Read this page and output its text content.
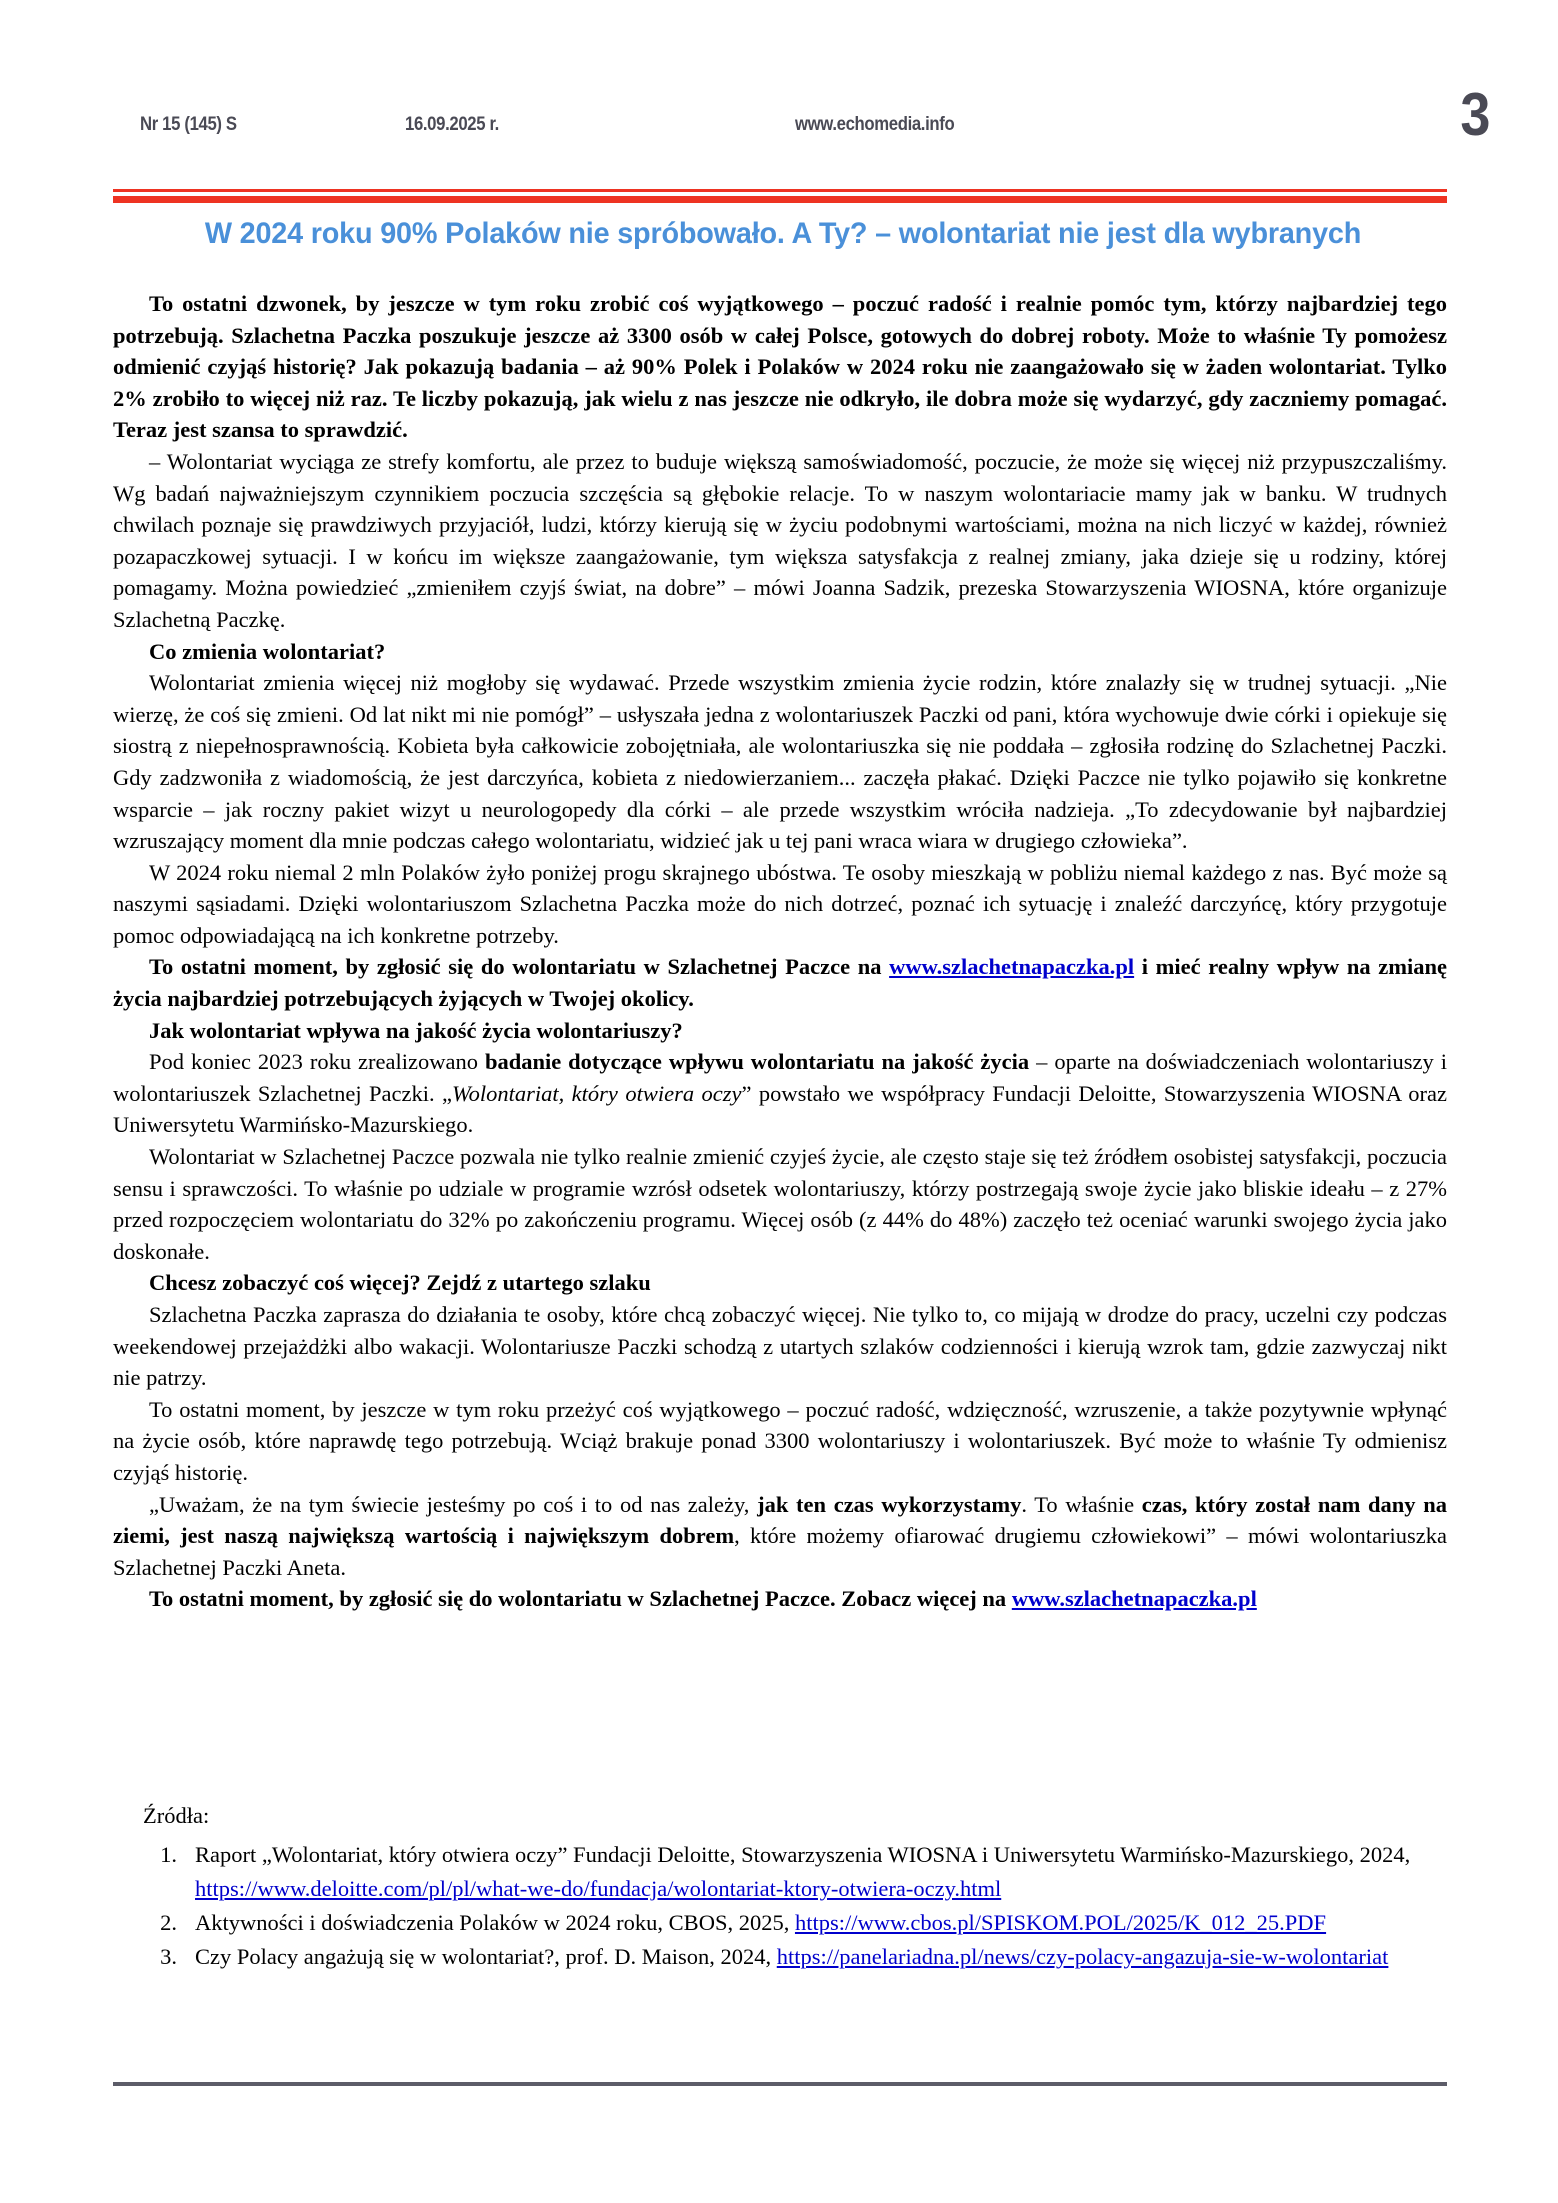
Nr 15 (145) S	16.09.2025 r.	www.echomedia.info	3
W 2024 roku 90% Polaków nie spróbowało. A Ty? – wolontariat nie jest dla wybranych

To ostatni dzwonek, by jeszcze w tym roku zrobić coś wyjątkowego – poczuć radość i realnie pomóc tym, którzy najbardziej tego potrzebują. Szlachetna Paczka poszukuje jeszcze aż 3300 osób w całej Polsce, gotowych do dobrej roboty. Może to właśnie Ty pomożesz odmienić czyjąś historię? Jak pokazują badania – aż 90% Polek i Polaków w 2024 roku nie zaangażowało się w żaden wolontariat. Tylko 2% zrobiło to więcej niż raz. Te liczby pokazują, jak wielu z nas jeszcze nie odkryło, ile dobra może się wydarzyć, gdy zaczniemy pomagać. Teraz jest szansa to sprawdzić.

– Wolontariat wyciąga ze strefy komfortu, ale przez to buduje większą samoświadomość, poczucie, że może się więcej niż przypuszczaliśmy. Wg badań najważniejszym czynnikiem poczucia szczęścia są głębokie relacje. To w naszym wolontariacie mamy jak w banku. W trudnych chwilach poznaje się prawdziwych przyjaciół, ludzi, którzy kierują się w życiu podobnymi wartościami, można na nich liczyć w każdej, również pozapaczkowej sytuacji. I w końcu im większe zaangażowanie, tym większa satysfakcja z realnej zmiany, jaka dzieje się u rodziny, której pomagamy. Można powiedzieć „zmieniłem czyjś świat, na dobre” – mówi Joanna Sadzik, prezeska Stowarzyszenia WIOSNA, które organizuje Szlachetną Paczkę.

Co zmienia wolontariat?

Wolontariat zmienia więcej niż mogłoby się wydawać. Przede wszystkim zmienia życie rodzin, które znalazły się w trudnej sytuacji. „Nie wierzę, że coś się zmieni. Od lat nikt mi nie pomógł” – usłyszała jedna z wolontariuszek Paczki od pani, która wychowuje dwie córki i opiekuje się siostrą z niepełnosprawnością. Kobieta była całkowicie zobojętniała, ale wolontariuszka się nie poddała – zgłosiła rodzinę do Szlachetnej Paczki. Gdy zadzwoniła z wiadomością, że jest darczyńca, kobieta z niedowierzaniem... zaczęła płakać. Dzięki Paczce nie tylko pojawiło się konkretne wsparcie – jak roczny pakiet wizyt u neurologopedy dla córki – ale przede wszystkim wróciła nadzieja. „To zdecydowanie był najbardziej wzruszający moment dla mnie podczas całego wolontariatu, widzieć jak u tej pani wraca wiara w drugiego człowieka”.

W 2024 roku niemal 2 mln Polaków żyło poniżej progu skrajnego ubóstwa. Te osoby mieszkają w pobliżu niemal każdego z nas. Być może są naszymi sąsiadami. Dzięki wolontariuszom Szlachetna Paczka może do nich dotrzeć, poznać ich sytuację i znaleźć darczyńcę, który przygotuje pomoc odpowiadającą na ich konkretne potrzeby.

To ostatni moment, by zgłosić się do wolontariatu w Szlachetnej Paczce na www.szlachetnapaczka.pl i mieć realny wpływ na zmianę życia najbardziej potrzebujących żyjących w Twojej okolicy.

Jak wolontariat wpływa na jakość życia wolontariuszy?

Pod koniec 2023 roku zrealizowano badanie dotyczące wpływu wolontariatu na jakość życia – oparte na doświadczeniach wolontariuszy i wolontariuszek Szlachetnej Paczki. „Wolontariat, który otwiera oczy” powstało we współpracy Fundacji Deloitte, Stowarzyszenia WIOSNA oraz Uniwersytetu Warmińsko-Mazurskiego.

Wolontariat w Szlachetnej Paczce pozwala nie tylko realnie zmienić czyjeś życie, ale często staje się też źródłem osobistej satysfakcji, poczucia sensu i sprawczości. To właśnie po udziale w programie wzrósł odsetek wolontariuszy, którzy postrzegają swoje życie jako bliskie ideału – z 27% przed rozpoczęciem wolontariatu do 32% po zakończeniu programu. Więcej osób (z 44% do 48%) zaczęło też oceniać warunki swojego życia jako doskonałe.

Chcesz zobaczyć coś więcej? Zejdź z utartego szlaku

Szlachetna Paczka zaprasza do działania te osoby, które chcą zobaczyć więcej. Nie tylko to, co mijają w drodze do pracy, uczelni czy podczas weekendowej przejażdżki albo wakacji. Wolontariusze Paczki schodzą z utartych szlaków codzienności i kierują wzrok tam, gdzie zazwyczaj nikt nie patrzy.

To ostatni moment, by jeszcze w tym roku przeżyć coś wyjątkowego – poczuć radość, wdzięczność, wzruszenie, a także pozytywnie wpłynąć na życie osób, które naprawdę tego potrzebują. Wciąż brakuje ponad 3300 wolontariuszy i wolontariuszek. Być może to właśnie Ty odmienisz czyjąś historię.

„Uważam, że na tym świecie jesteśmy po coś i to od nas zależy, jak ten czas wykorzystamy. To właśnie czas, który został nam dany na ziemi, jest naszą największą wartością i największym dobrem, które możemy ofiarować drugiemu człowiekowi” – mówi wolontariuszka Szlachetnej Paczki Aneta.

To ostatni moment, by zgłosić się do wolontariatu w Szlachetnej Paczce. Zobacz więcej na www.szlachetnapaczka.pl

Źródła:
1. Raport „Wolontariat, który otwiera oczy” Fundacji Deloitte, Stowarzyszenia WIOSNA i Uniwersytetu Warmińsko-Mazurskiego, 2024, https://www.deloitte.com/pl/pl/what-we-do/fundacja/wolontariat-ktory-otwiera-oczy.html
2. Aktywności i doświadczenia Polaków w 2024 roku, CBOS, 2025, https://www.cbos.pl/SPISKOM.POL/2025/K_012_25.PDF
3. Czy Polacy angażują się w wolontariat?, prof. D. Maison, 2024, https://panelariadna.pl/news/czy-polacy-angazuja-sie-w-wolontariat
